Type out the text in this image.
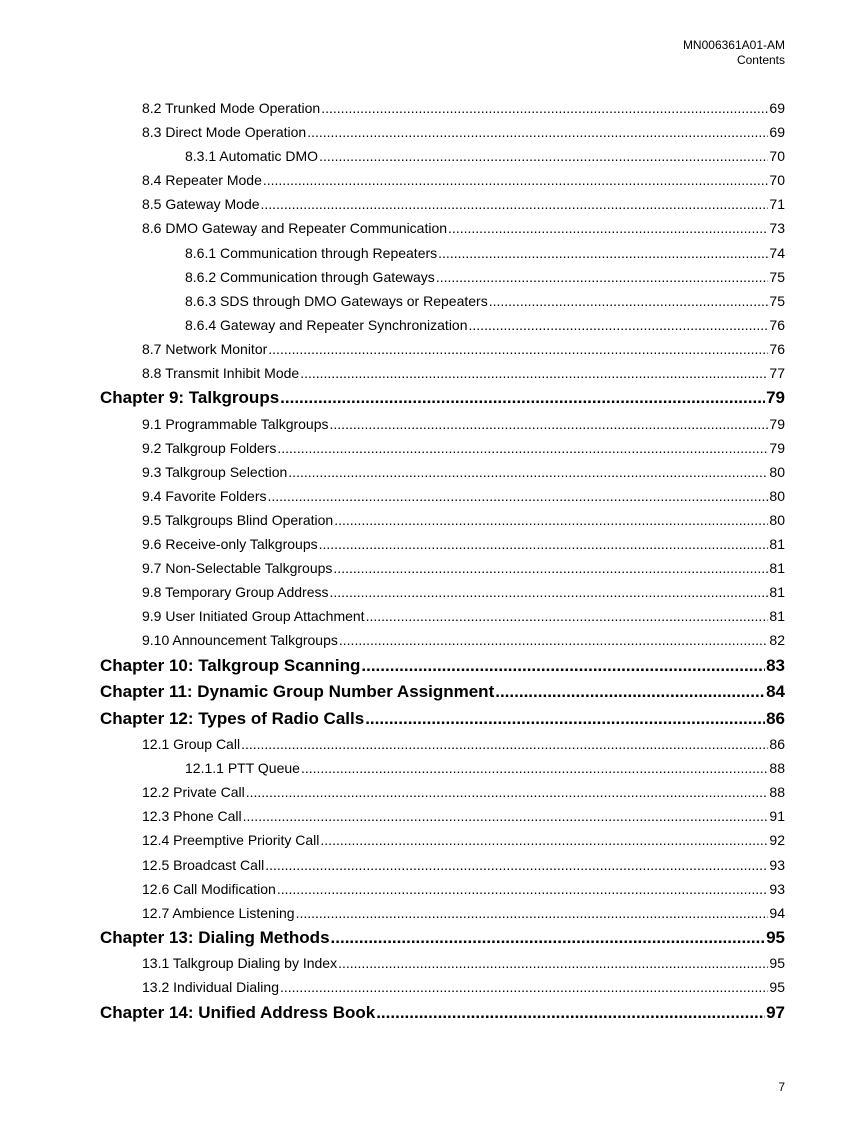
MN006361A01-AM
Contents
8.2 Trunked Mode Operation .....	69
8.3 Direct Mode Operation .....	69
8.3.1 Automatic DMO .....	70
8.4 Repeater Mode .....	70
8.5 Gateway Mode .....	71
8.6 DMO Gateway and Repeater Communication .....	73
8.6.1 Communication through Repeaters .....	74
8.6.2 Communication through Gateways .....	75
8.6.3 SDS through DMO Gateways or Repeaters .....	75
8.6.4 Gateway and Repeater Synchronization .....	76
8.7 Network Monitor .....	76
8.8 Transmit Inhibit Mode .....	77
Chapter 9: Talkgroups .....	79
9.1 Programmable Talkgroups .....	79
9.2 Talkgroup Folders .....	79
9.3 Talkgroup Selection .....	80
9.4 Favorite Folders .....	80
9.5 Talkgroups Blind Operation .....	80
9.6 Receive-only Talkgroups .....	81
9.7 Non-Selectable Talkgroups .....	81
9.8 Temporary Group Address .....	81
9.9 User Initiated Group Attachment .....	81
9.10 Announcement Talkgroups .....	82
Chapter 10: Talkgroup Scanning .....	83
Chapter 11: Dynamic Group Number Assignment .....	84
Chapter 12: Types of Radio Calls .....	86
12.1 Group Call .....	86
12.1.1 PTT Queue .....	88
12.2 Private Call .....	88
12.3 Phone Call .....	91
12.4 Preemptive Priority Call .....	92
12.5 Broadcast Call .....	93
12.6 Call Modification .....	93
12.7 Ambience Listening .....	94
Chapter 13: Dialing Methods .....	95
13.1 Talkgroup Dialing by Index .....	95
13.2 Individual Dialing .....	95
Chapter 14: Unified Address Book .....	97
7
